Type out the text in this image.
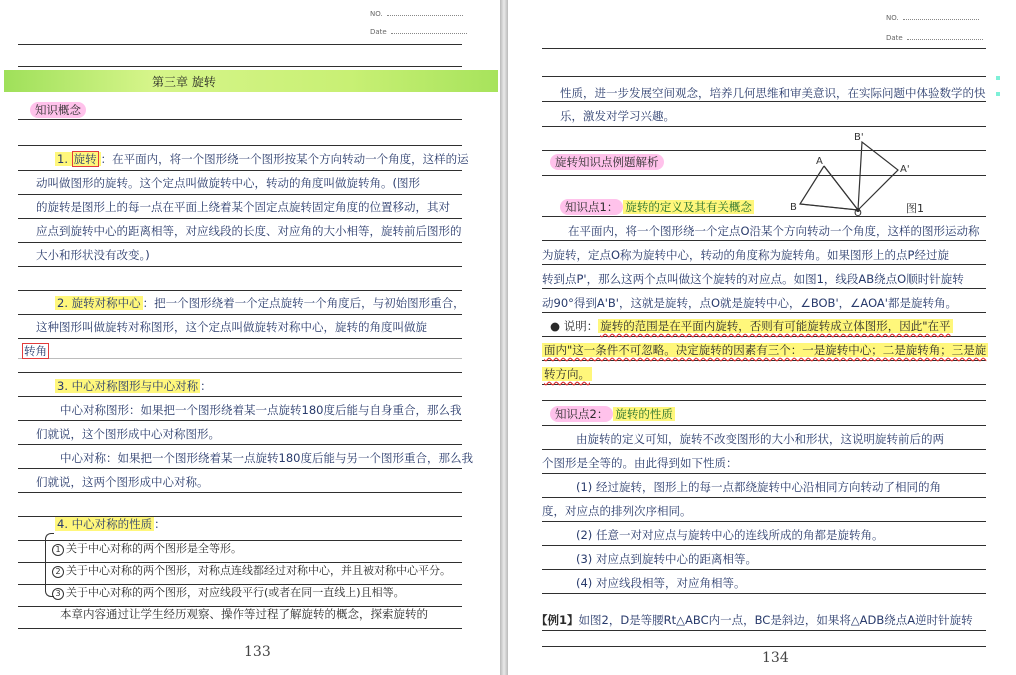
NO.
Date
第三章 旋转
知识概念
1. 旋转 ：在平面内，将一个图形绕一个图形按某个方向转动一个角度，这样的运
动叫做图形的旋转。这个定点叫做旋转中心，转动的角度叫做旋转角。(图形
的旋转是图形上的每一点在平面上绕着某个固定点旋转固定角度的位置移动，其对
应点到旋转中心的距离相等，对应线段的长度、对应角的大小相等，旋转前后图形的
大小和形状没有改变。)
2. 旋转对称中心 ：把一个图形绕着一个定点旋转一个角度后，与初始图形重合，
这种图形叫做旋转对称图形，这个定点叫做旋转对称中心，旋转的角度叫做旋
转角
3. 中心对称图形与中心对称 ：
中心对称图形：如果把一个图形绕着某一点旋转180度后能与自身重合，那么我
们就说，这个图形成中心对称图形。
中心对称：如果把一个图形绕着某一点旋转180度后能与另一个图形重合，那么我
们就说，这两个图形成中心对称。
4. 中心对称的性质 ：
1 关于中心对称的两个图形是全等形。
2 关于中心对称的两个图形，对称点连线都经过对称中心，并且被对称中心平分。
3 关于中心对称的两个图形，对应线段平行(或者在同一直线上)且相等。
本章内容通过让学生经历观察、操作等过程了解旋转的概念，探索旋转的
133
NO.
Date
性质，进一步发展空间观念，培养几何思维和审美意识，在实际问题中体验数学的快
乐，激发对学习兴趣。
旋转知识点例题解析	A
B
B'
A'
O	图1
知识点1： 旋转的定义及其有关概念
在平面内，将一个图形绕一个定点O沿某个方向转动一个角度，这样的图形运动称
为旋转，定点O称为旋转中心，转动的角度称为旋转角。如果图形上的点P经过旋
转到点P'，那么这两个点叫做这个旋转的对应点。如图1，线段AB绕点O顺时针旋转
动90°得到A'B'，这就是旋转，点O就是旋转中心，∠BOB'，∠AOA'都是旋转角。
● 说明： 旋转的范围是在平面内旋转，否则有可能旋转成立体图形，因此"在平
面内"这一条件不可忽略。决定旋转的因素有三个：一是旋转中心；二是旋转角；三是旋
转方向。
知识点2： 旋转的性质
由旋转的定义可知，旋转不改变图形的大小和形状，这说明旋转前后的两
个图形是全等的。由此得到如下性质：
(1) 经过旋转，图形上的每一点都绕旋转中心沿相同方向转动了相同的角
度，对应点的排列次序相同。
(2) 任意一对对应点与旋转中心的连线所成的角都是旋转角。
(3) 对应点到旋转中心的距离相等。
(4) 对应线段相等，对应角相等。
【例1】如图2，D是等腰Rt△ABC内一点，BC是斜边，如果将△ADB绕点A逆时针旋转
134
